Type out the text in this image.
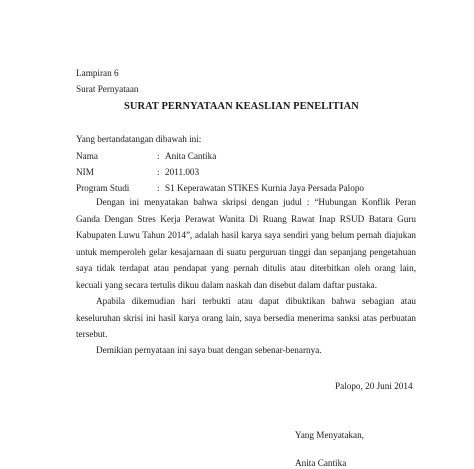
Lampiran 6
Surat Pernyataan
SURAT PERNYATAAN KEASLIAN PENELITIAN
Yang bertandatangan dibawah ini:
Nama	: Anita Cantika
NIM	: 2011.003
Program Studi	: S1 Keperawatan STIKES Kurnia Jaya Persada Palopo

Dengan ini menyatakan bahwa skripsi dengan judul : “Hubungan Konflik Peran Ganda Dengan Stres Kerja Perawat Wanita Di Ruang Rawat Inap RSUD Batara Guru Kabupaten Luwu Tahun 2014”, adalah hasil karya saya sendiri yang belum pernah diajukan untuk memperoleh gelar kesajarnaan di suatu perguruan tinggi dan sepanjang pengetahuan saya tidak terdapat atau pendapat yang pernah ditulis atau diterbitkan oleh orang lain, kecuali yang secara tertulis dikuu dalam naskah dan disebut dalam daftar pustaka.

Apabila dikemudian hari terbukti atau dapat dibuktikan bahwa sebagian atau keseluruhan skrisi ini hasil karya orang lain, saya bersedia menerima sanksi atas perbuatan tersebut.

Demikian pernyataan ini saya buat dengan sebenar-benarnya.

Palopo, 20 Juni 2014
Yang Menyatakan,
Anita Cantika
